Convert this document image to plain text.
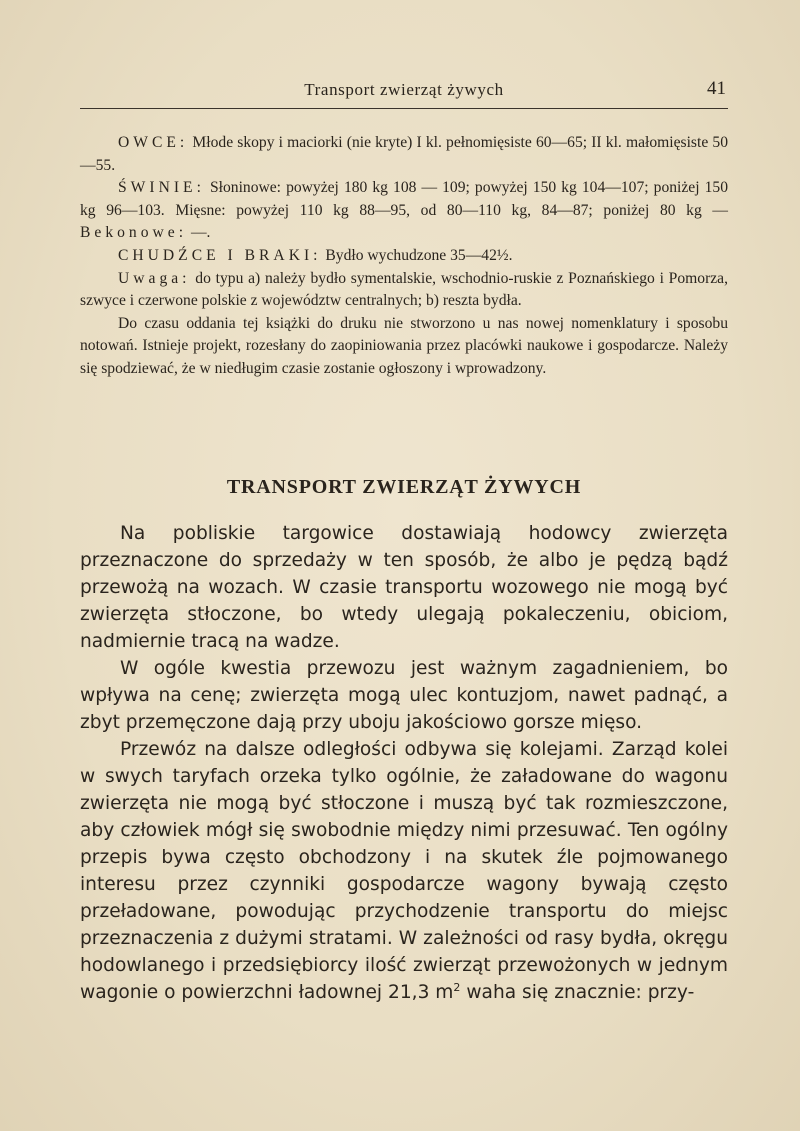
Transport zwierząt żywych	41

OWCE: Młode skopy i maciorki (nie kryte) I kl. pełnomięsiste 60—65; II kl. małomięsiste 50—55.

ŚWINIE: Słoninowe: powyżej 180 kg 108 — 109; powyżej 150 kg 104—107; poniżej 150 kg 96—103. Mięsne: powyżej 110 kg 88—95, od 80—110 kg, 84—87; poniżej 80 kg — Bekonowe: —.

CHUDŹCE I BRAKI: Bydło wychudzone 35—42½.

Uwaga: do typu a) należy bydło symentalskie, wschodnio-ruskie z Poznańskiego i Pomorza, szwyce i czerwone polskie z województw centralnych; b) reszta bydła.

Do czasu oddania tej książki do druku nie stworzono u nas nowej nomenklatury i sposobu notowań. Istnieje projekt, rozesłany do zaopiniowania przez placówki naukowe i gospodarcze. Należy się spodziewać, że w niedługim czasie zostanie ogłoszony i wprowadzony.

TRANSPORT ZWIERZĄT ŻYWYCH

Na pobliskie targowice dostawiają hodowcy zwierzęta przeznaczone do sprzedaży w ten sposób, że albo je pędzą bądź przewożą na wozach. W czasie transportu wozowego nie mogą być zwierzęta stłoczone, bo wtedy ulegają pokaleczeniu, obiciom, nadmiernie tracą na wadze.

W ogóle kwestia przewozu jest ważnym zagadnieniem, bo wpływa na cenę; zwierzęta mogą ulec kontuzjom, nawet padnąć, a zbyt przemęczone dają przy uboju jakościowo gorsze mięso.

Przewóz na dalsze odległości odbywa się kolejami. Zarząd kolei w swych taryfach orzeka tylko ogólnie, że załadowane do wagonu zwierzęta nie mogą być stłoczone i muszą być tak rozmieszczone, aby człowiek mógł się swobodnie między nimi przesuwać. Ten ogólny przepis bywa często obchodzony i na skutek źle pojmowanego interesu przez czynniki gospodarcze wagony bywają często przeładowane, powodując przychodzenie transportu do miejsc przeznaczenia z dużymi stratami. W zależności od rasy bydła, okręgu hodowlanego i przedsiębiorcy ilość zwierząt przewożonych w jednym wagonie o powierzchni ładownej 21,3 $m^2$ waha się znacznie: przy-
